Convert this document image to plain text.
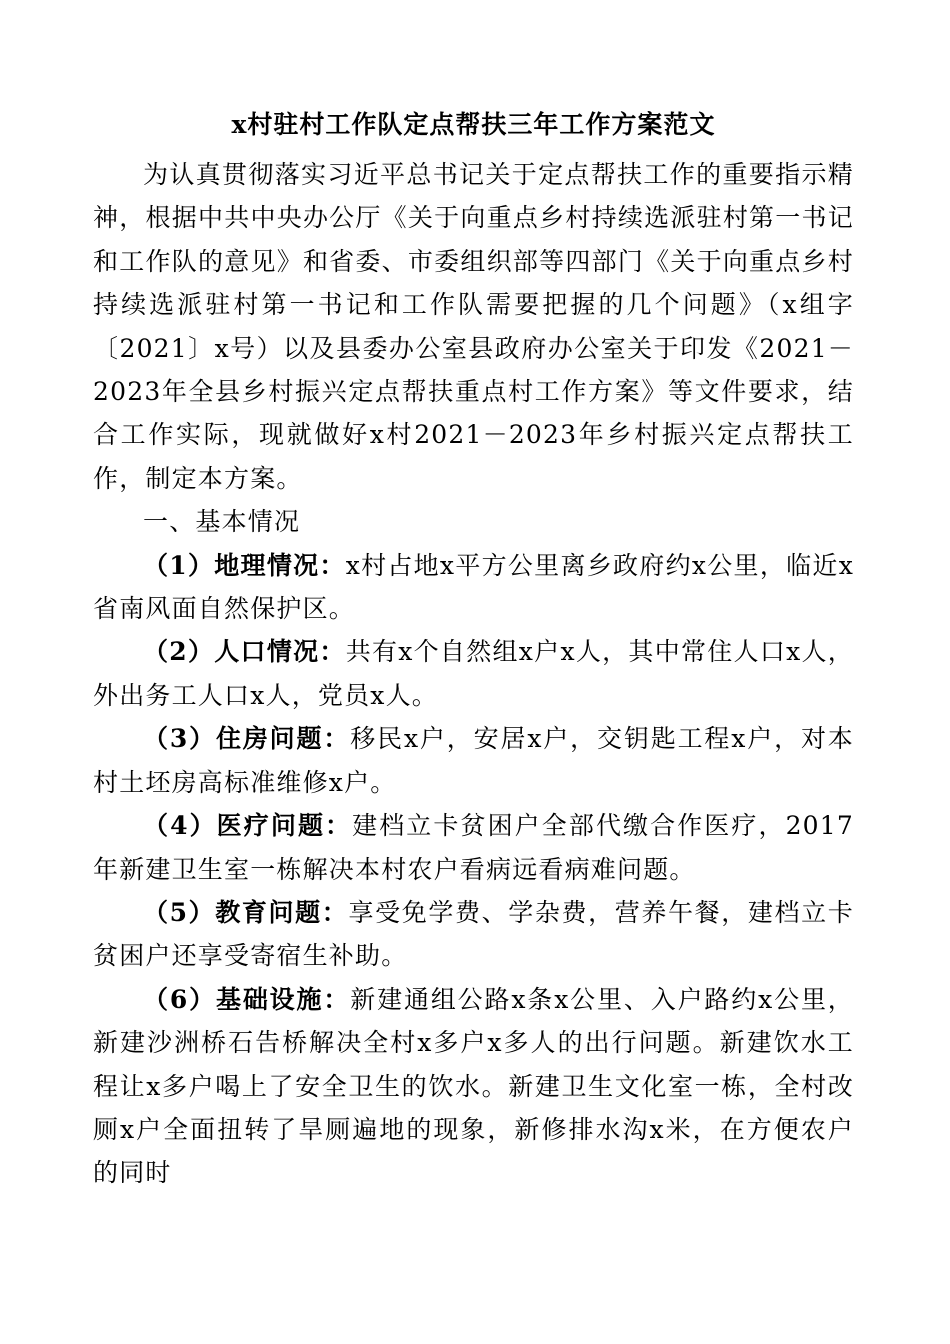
x村驻村工作队定点帮扶三年工作方案范文

为认真贯彻落实习近平总书记关于定点帮扶工作的重要指示精神，根据中共中央办公厅《关于向重点乡村持续选派驻村第一书记和工作队的意见》和省委、市委组织部等四部门《关于向重点乡村持续选派驻村第一书记和工作队需要把握的几个问题》（x组字〔2021〕x号）以及县委办公室县政府办公室关于印发《2021－2023年全县乡村振兴定点帮扶重点村工作方案》等文件要求，结合工作实际，现就做好x村2021－2023年乡村振兴定点帮扶工作，制定本方案。

一、基本情况

（1）地理情况：x村占地x平方公里离乡政府约x公里，临近x省南风面自然保护区。

（2）人口情况：共有x个自然组x户x人，其中常住人口x人，外出务工人口x人，党员x人。

（3）住房问题：移民x户，安居x户，交钥匙工程x户，对本村土坯房高标准维修x户。

（4）医疗问题：建档立卡贫困户全部代缴合作医疗，2017年新建卫生室一栋解决本村农户看病远看病难问题。

（5）教育问题：享受免学费、学杂费，营养午餐，建档立卡贫困户还享受寄宿生补助。

（6）基础设施：新建通组公路x条x公里、入户路约x公里，新建沙洲桥石告桥解决全村x多户x多人的出行问题。新建饮水工程让x多户喝上了安全卫生的饮水。新建卫生文化室一栋，全村改厕x户全面扭转了旱厕遍地的现象，新修排水沟x米，在方便农户的同时
